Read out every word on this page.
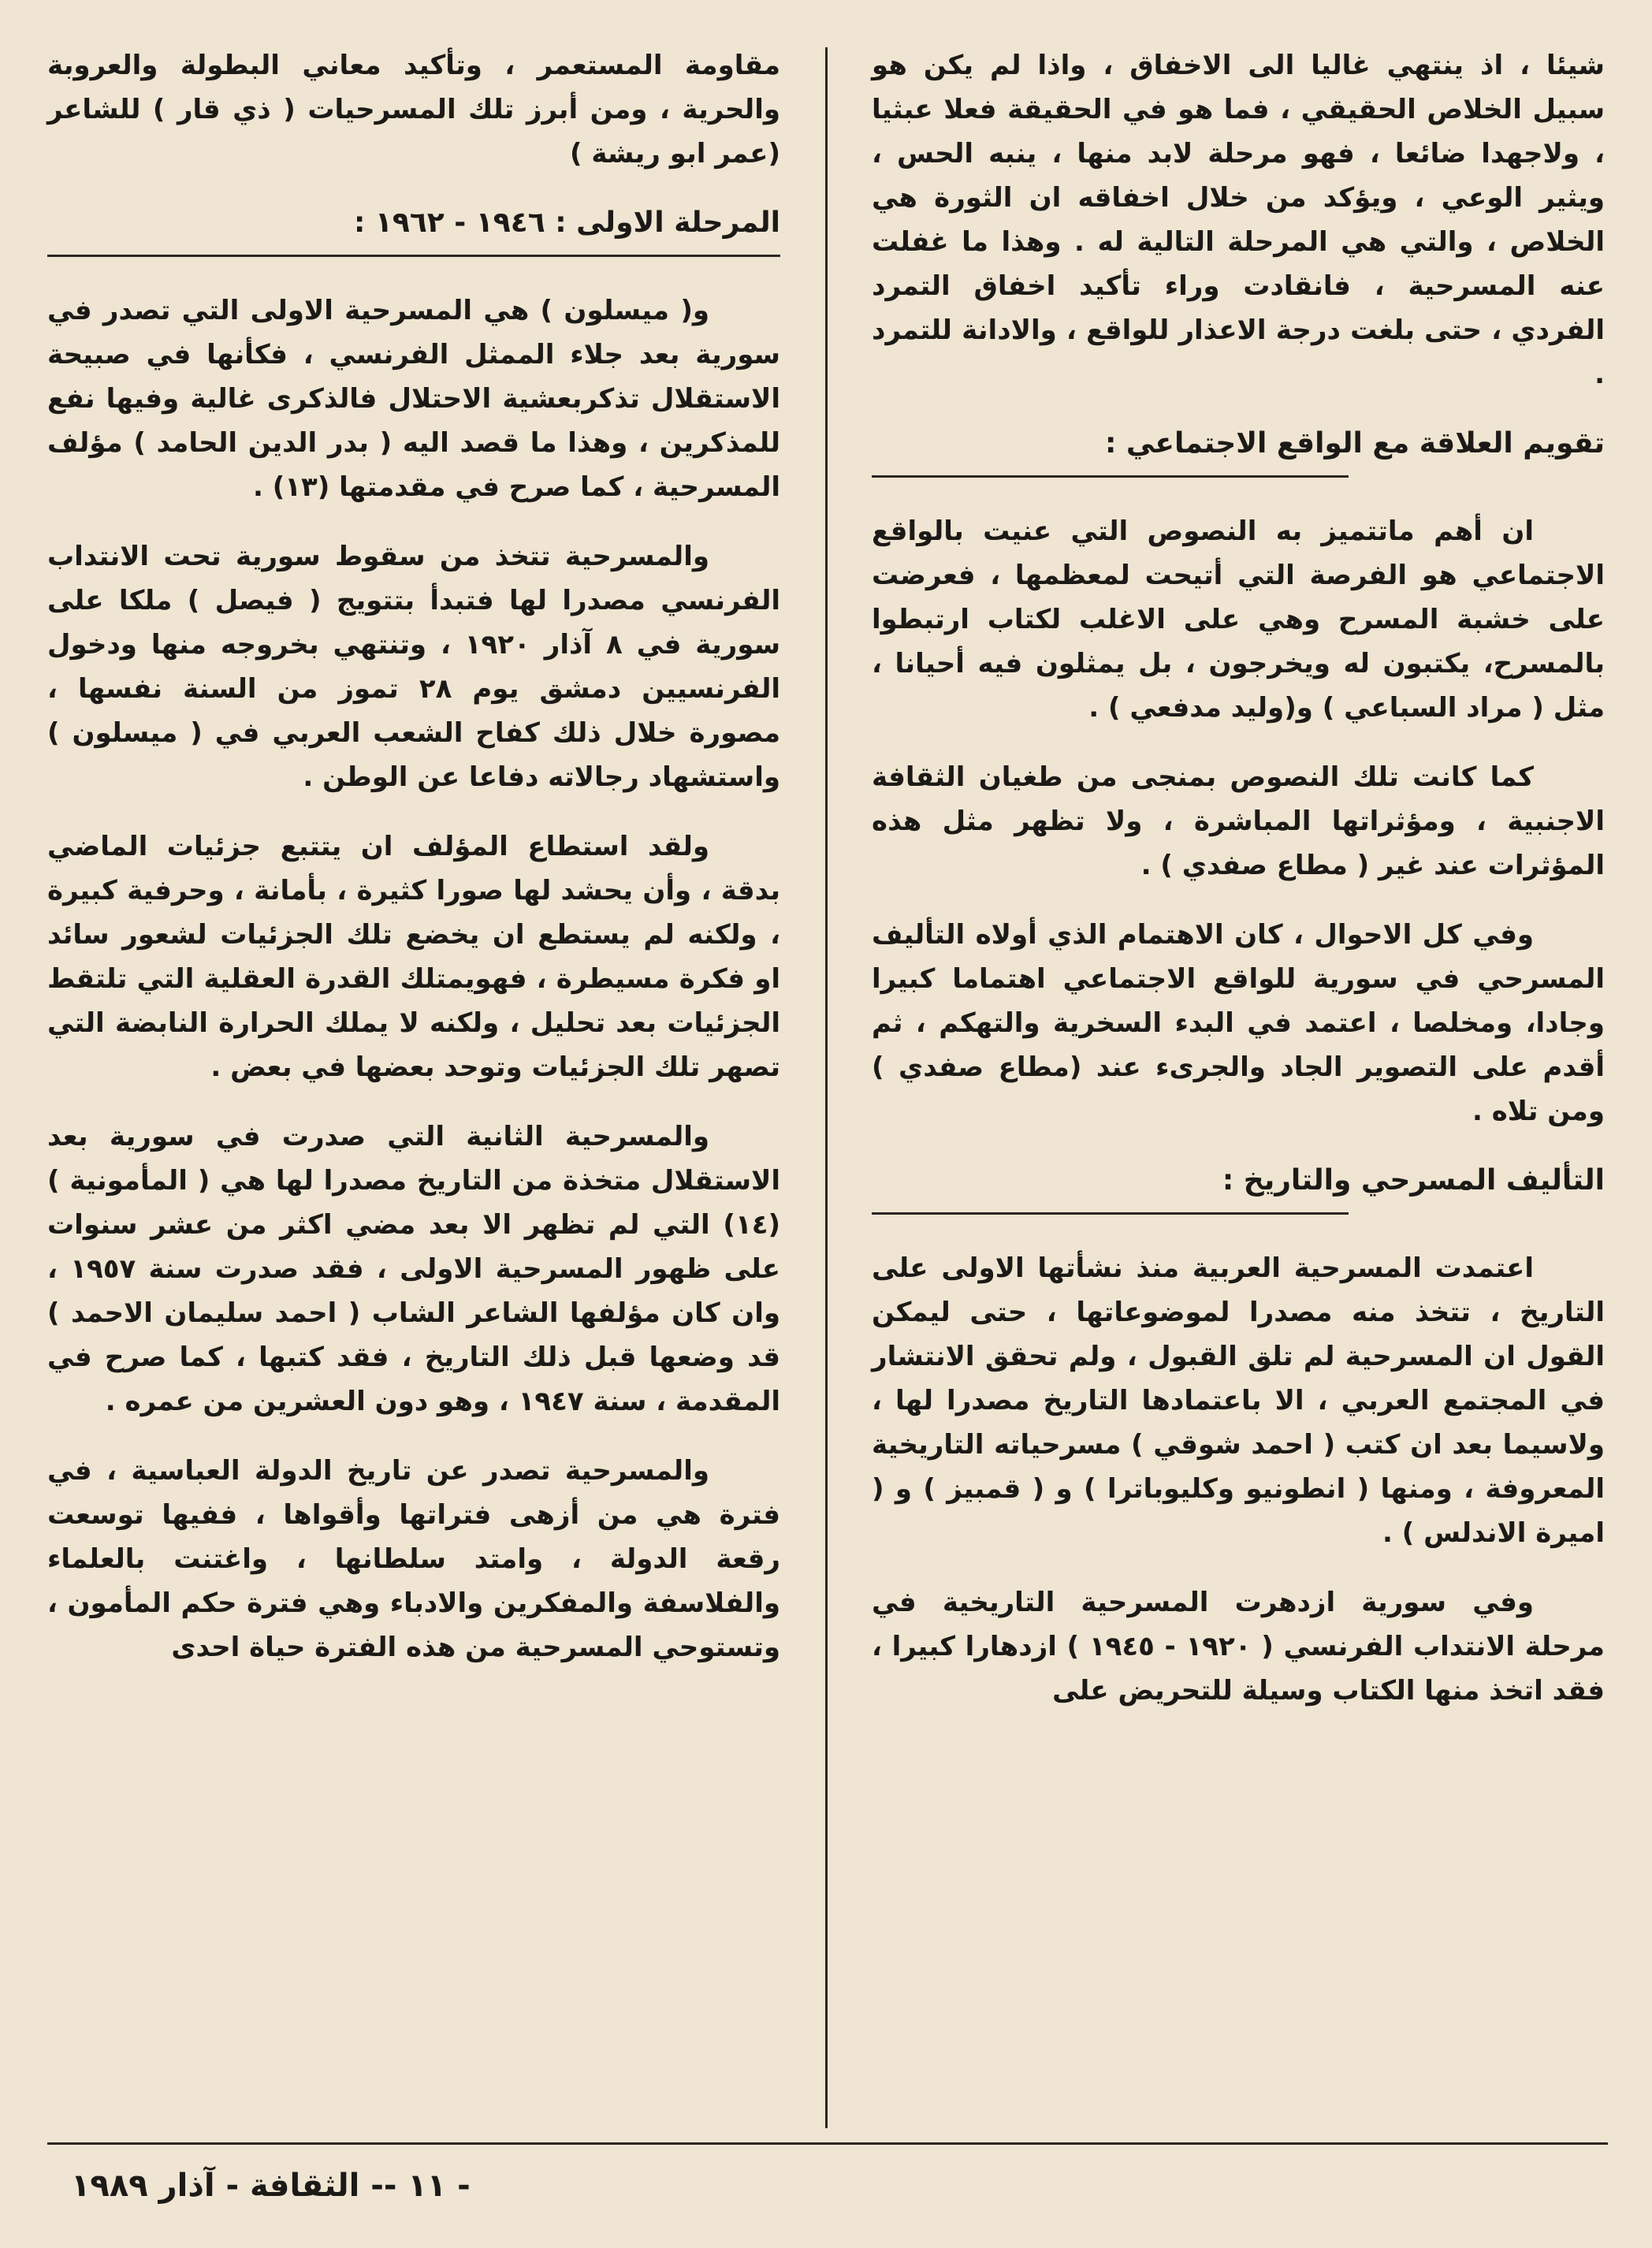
شيئا ، اذ ينتهي غاليا الى الاخفاق ، واذا لم يكن هو سبيل الخلاص الحقيقي ، فما هو في الحقيقة فعلا عبثيا ، ولاجهدا ضائعا ، فهو مرحلة لابد منها ، ينبه الحس ، ويثير الوعي ، ويؤكد من خلال اخفاقه ان الثورة هي الخلاص ، والتي هي المرحلة التالية له . وهذا ما غفلت عنه المسرحية ، فانقادت وراء تأكيد اخفاق التمرد الفردي ، حتى بلغت درجة الاعذار للواقع ، والادانة للتمرد .

تقويم العلاقة مع الواقع الاجتماعي :

ان أهم ماتتميز به النصوص التي عنيت بالواقع الاجتماعي هو الفرصة التي أتيحت لمعظمها ، فعرضت على خشبة المسرح وهي على الاغلب لكتاب ارتبطوا بالمسرح، يكتبون له ويخرجون ، بل يمثلون فيه أحيانا ، مثل ( مراد السباعي ) و(وليد مدفعي ) .

كما كانت تلك النصوص بمنجى من طغيان الثقافة الاجنبية ، ومؤثراتها المباشرة ، ولا تظهر مثل هذه المؤثرات عند غير ( مطاع صفدي ) .

وفي كل الاحوال ، كان الاهتمام الذي أولاه التأليف المسرحي في سورية للواقع الاجتماعي اهتماما كبيرا وجادا، ومخلصا ، اعتمد في البدء السخرية والتهكم ، ثم أقدم على التصوير الجاد والجرىء عند (مطاع صفدي ) ومن تلاه .

التأليف المسرحي والتاريخ :

اعتمدت المسرحية العربية منذ نشأتها الاولى على التاريخ ، تتخذ منه مصدرا لموضوعاتها ، حتى ليمكن القول ان المسرحية لم تلق القبول ، ولم تحقق الانتشار في المجتمع العربي ، الا باعتمادها التاريخ مصدرا لها ، ولاسيما بعد ان كتب ( احمد شوقي ) مسرحياته التاريخية المعروفة ، ومنها ( انطونيو وكليوباترا ) و ( قمبيز ) و ( اميرة الاندلس ) .

وفي سورية ازدهرت المسرحية التاريخية في مرحلة الانتداب الفرنسي ( ١٩٢٠ - ١٩٤٥ ) ازدهارا كبيرا ، فقد اتخذ منها الكتاب وسيلة للتحريض على

مقاومة المستعمر ، وتأكيد معاني البطولة والعروبة والحرية ، ومن أبرز تلك المسرحيات ( ذي قار ) للشاعر (عمر ابو ريشة )

المرحلة الاولى : ١٩٤٦ - ١٩٦٢ :

و( ميسلون ) هي المسرحية الاولى التي تصدر في سورية بعد جلاء الممثل الفرنسي ، فكأنها في صبيحة الاستقلال تذكربعشية الاحتلال فالذكرى غالية وفيها نفع للمذكرين ، وهذا ما قصد اليه ( بدر الدين الحامد ) مؤلف المسرحية ، كما صرح في مقدمتها (١٣) .

والمسرحية تتخذ من سقوط سورية تحت الانتداب الفرنسي مصدرا لها فتبدأ بتتويج ( فيصل ) ملكا على سورية في ٨ آذار ١٩٢٠ ، وتنتهي بخروجه منها ودخول الفرنسيين دمشق يوم ٢٨ تموز من السنة نفسها ، مصورة خلال ذلك كفاح الشعب العربي في ( ميسلون ) واستشهاد رجالاته دفاعا عن الوطن .

ولقد استطاع المؤلف ان يتتبع جزئيات الماضي بدقة ، وأن يحشد لها صورا كثيرة ، بأمانة ، وحرفية كبيرة ، ولكنه لم يستطع ان يخضع تلك الجزئيات لشعور سائد او فكرة مسيطرة ، فهويمتلك القدرة العقلية التي تلتقط الجزئيات بعد تحليل ، ولكنه لا يملك الحرارة النابضة التي تصهر تلك الجزئيات وتوحد بعضها في بعض .

والمسرحية الثانية التي صدرت في سورية بعد الاستقلال متخذة من التاريخ مصدرا لها هي ( المأمونية ) (١٤) التي لم تظهر الا بعد مضي اكثر من عشر سنوات على ظهور المسرحية الاولى ، فقد صدرت سنة ١٩٥٧ ، وان كان مؤلفها الشاعر الشاب ( احمد سليمان الاحمد ) قد وضعها قبل ذلك التاريخ ، فقد كتبها ، كما صرح في المقدمة ، سنة ١٩٤٧ ، وهو دون العشرين من عمره .

والمسرحية تصدر عن تاريخ الدولة العباسية ، في فترة هي من أزهى فتراتها وأقواها ، ففيها توسعت رقعة الدولة ، وامتد سلطانها ، واغتنت بالعلماء والفلاسفة والمفكرين والادباء وهي فترة حكم المأمون ، وتستوحي المسرحية من هذه الفترة حياة احدى

- ١١ -- الثقافة - آذار ١٩٨٩
